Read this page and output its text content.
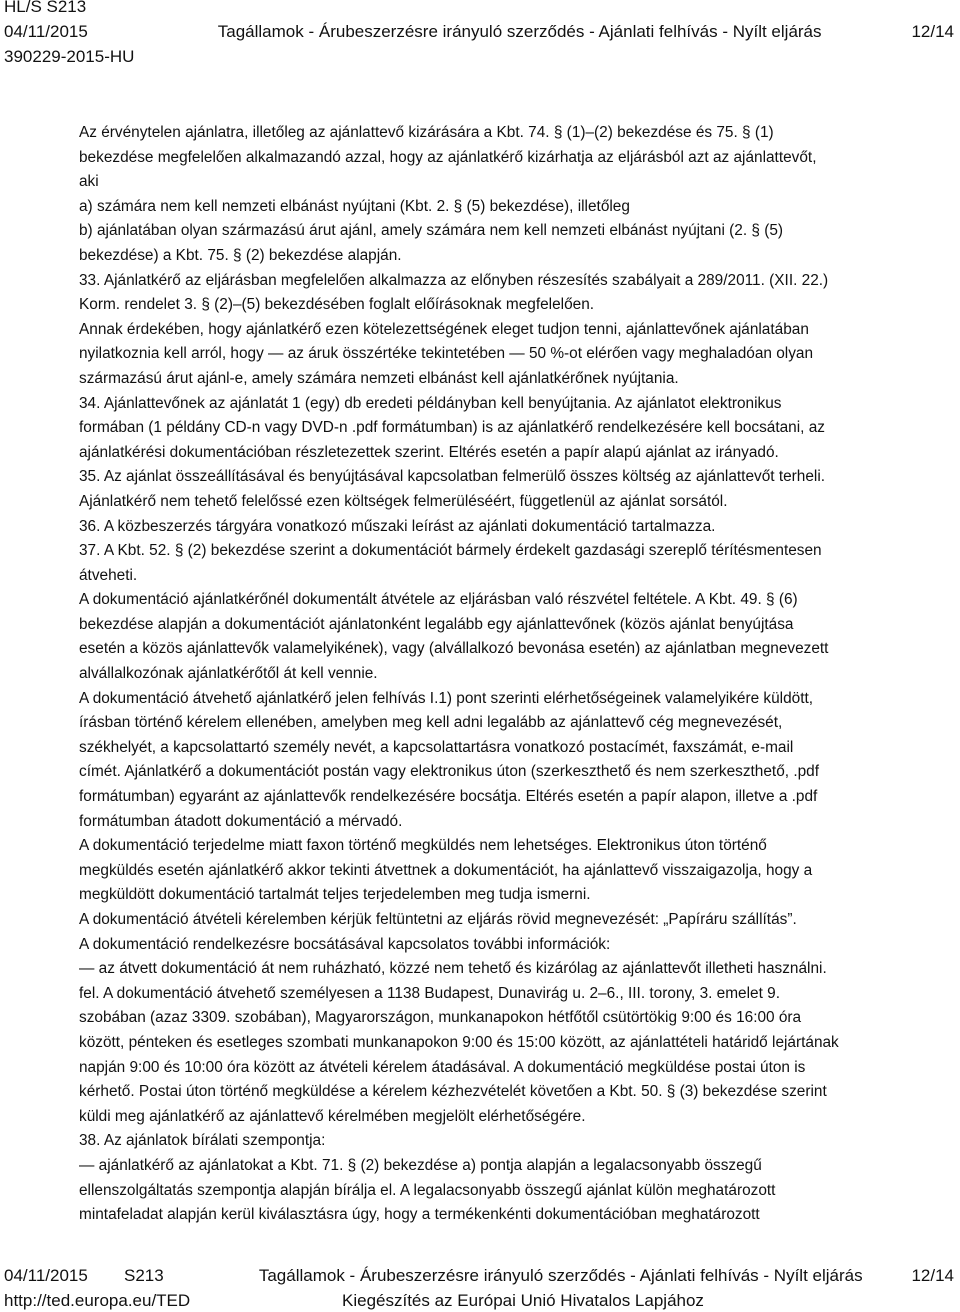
HL/S S213
04/11/2015	Tagállamok - Árubeszerzésre irányuló szerződés - Ajánlati felhívás - Nyílt eljárás	12/14
390229-2015-HU

Az érvénytelen ajánlatra, illetőleg az ajánlattevő kizárására a Kbt. 74. § (1)–(2) bekezdése és 75. § (1)

bekezdése megfelelően alkalmazandó azzal, hogy az ajánlatkérő kizárhatja az eljárásból azt az ajánlattevőt,

aki

a) számára nem kell nemzeti elbánást nyújtani (Kbt. 2. § (5) bekezdése), illetőleg

b) ajánlatában olyan származású árut ajánl, amely számára nem kell nemzeti elbánást nyújtani (2. § (5)

bekezdése) a Kbt. 75. § (2) bekezdése alapján.

33. Ajánlatkérő az eljárásban megfelelően alkalmazza az előnyben részesítés szabályait a 289/2011. (XII. 22.)

Korm. rendelet 3. § (2)–(5) bekezdésében foglalt előírásoknak megfelelően.

Annak érdekében, hogy ajánlatkérő ezen kötelezettségének eleget tudjon tenni, ajánlattevőnek ajánlatában

nyilatkoznia kell arról, hogy — az áruk összértéke tekintetében — 50 %-ot elérően vagy meghaladóan olyan

származású árut ajánl-e, amely számára nemzeti elbánást kell ajánlatkérőnek nyújtania.

34. Ajánlattevőnek az ajánlatát 1 (egy) db eredeti példányban kell benyújtania. Az ajánlatot elektronikus

formában (1 példány CD-n vagy DVD-n .pdf formátumban) is az ajánlatkérő rendelkezésére kell bocsátani, az

ajánlatkérési dokumentációban részletezettek szerint. Eltérés esetén a papír alapú ajánlat az irányadó.

35. Az ajánlat összeállításával és benyújtásával kapcsolatban felmerülő összes költség az ajánlattevőt terheli.

Ajánlatkérő nem tehető felelőssé ezen költségek felmerüléséért, függetlenül az ajánlat sorsától.

36. A közbeszerzés tárgyára vonatkozó műszaki leírást az ajánlati dokumentáció tartalmazza.

37. A Kbt. 52. § (2) bekezdése szerint a dokumentációt bármely érdekelt gazdasági szereplő térítésmentesen

átveheti.

A dokumentáció ajánlatkérőnél dokumentált átvétele az eljárásban való részvétel feltétele. A Kbt. 49. § (6)

bekezdése alapján a dokumentációt ajánlatonként legalább egy ajánlattevőnek (közös ajánlat benyújtása

esetén a közös ajánlattevők valamelyikének), vagy (alvállalkozó bevonása esetén) az ajánlatban megnevezett

alvállalkozónak ajánlatkérőtől át kell vennie.

A dokumentáció átvehető ajánlatkérő jelen felhívás I.1) pont szerinti elérhetőségeinek valamelyikére küldött,

írásban történő kérelem ellenében, amelyben meg kell adni legalább az ajánlattevő cég megnevezését,

székhelyét, a kapcsolattartó személy nevét, a kapcsolattartásra vonatkozó postacímét, faxszámát, e-mail

címét. Ajánlatkérő a dokumentációt postán vagy elektronikus úton (szerkeszthető és nem szerkeszthető, .pdf

formátumban) egyaránt az ajánlattevők rendelkezésére bocsátja. Eltérés esetén a papír alapon, illetve a .pdf

formátumban átadott dokumentáció a mérvadó.

A dokumentáció terjedelme miatt faxon történő megküldés nem lehetséges. Elektronikus úton történő

megküldés esetén ajánlatkérő akkor tekinti átvettnek a dokumentációt, ha ajánlattevő visszaigazolja, hogy a

megküldött dokumentáció tartalmát teljes terjedelemben meg tudja ismerni.

A dokumentáció átvételi kérelemben kérjük feltüntetni az eljárás rövid megnevezését: „Papíráru szállítás”.

A dokumentáció rendelkezésre bocsátásával kapcsolatos további információk:

— az átvett dokumentáció át nem ruházható, közzé nem tehető és kizárólag az ajánlattevőt illetheti használni.

fel. A dokumentáció átvehető személyesen a 1138 Budapest, Dunavirág u. 2–6., III. torony, 3. emelet 9.

szobában (azaz 3309. szobában), Magyarországon, munkanapokon hétfőtől csütörtökig 9:00 és 16:00 óra

között, pénteken és esetleges szombati munkanapokon 9:00 és 15:00 között, az ajánlattételi határidő lejártának

napján 9:00 és 10:00 óra között az átvételi kérelem átadásával. A dokumentáció megküldése postai úton is

kérhető. Postai úton történő megküldése a kérelem kézhezvételét követően a Kbt. 50. § (3) bekezdése szerint

küldi meg ajánlatkérő az ajánlattevő kérelmében megjelölt elérhetőségére.

38. Az ajánlatok bírálati szempontja:

— ajánlatkérő az ajánlatokat a Kbt. 71. § (2) bekezdése a) pontja alapján a legalacsonyabb összegű

ellenszolgáltatás szempontja alapján bírálja el. A legalacsonyabb összegű ajánlat külön meghatározott

mintafeladat alapján kerül kiválasztásra úgy, hogy a termékenkénti dokumentációban meghatározott

04/11/2015	S213	Tagállamok - Árubeszerzésre irányuló szerződés - Ajánlati felhívás - Nyílt eljárás	12/14
http://ted.europa.eu/TED	Kiegészítés az Európai Unió Hivatalos Lapjához
